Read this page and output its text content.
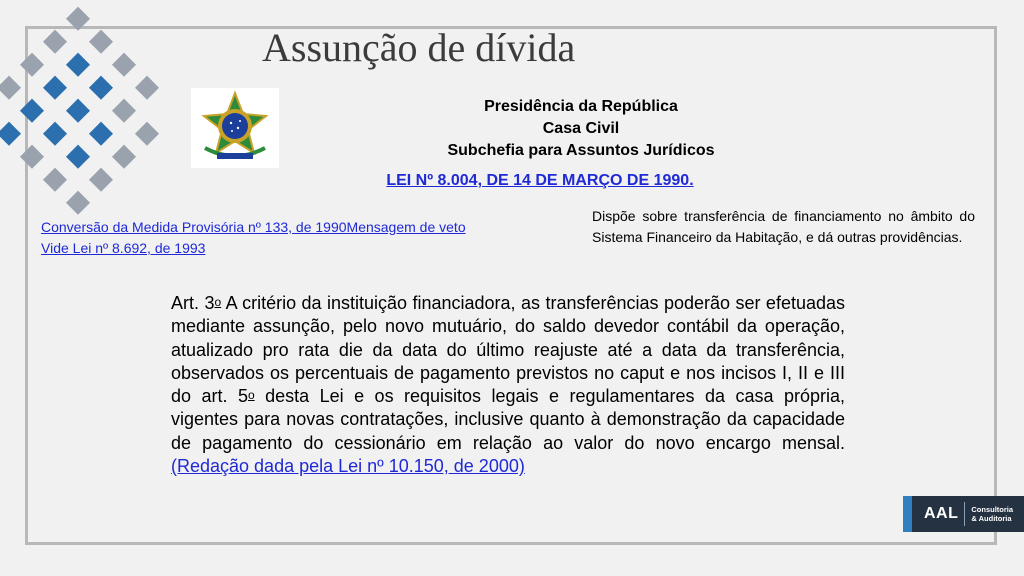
Assunção de dívida
Presidência da República
Casa Civil
Subchefia para Assuntos Jurídicos
LEI Nº 8.004, DE 14 DE MARÇO DE 1990.
Conversão da Medida Provisória nº 133, de 1990Mensagem de veto
Vide Lei nº 8.692, de 1993
Dispõe sobre transferência de financiamento no âmbito do Sistema Financeiro da Habitação, e dá outras providências.
Art. 3$^o$ A critério da instituição financiadora, as transferências poderão ser efetuadas mediante assunção, pelo novo mutuário, do saldo devedor contábil da operação, atualizado pro rata die da data do último reajuste até a data da transferência, observados os percentuais de pagamento previstos no caput e nos incisos I, II e III do art. 5$^o$ desta Lei e os requisitos legais e regulamentares da casa própria, vigentes para novas contratações, inclusive quanto à demonstração da capacidade de pagamento do cessionário em relação ao valor do novo encargo mensal. (Redação dada pela Lei nº 10.150, de 2000)
AAL Consultoria
& Auditoria
